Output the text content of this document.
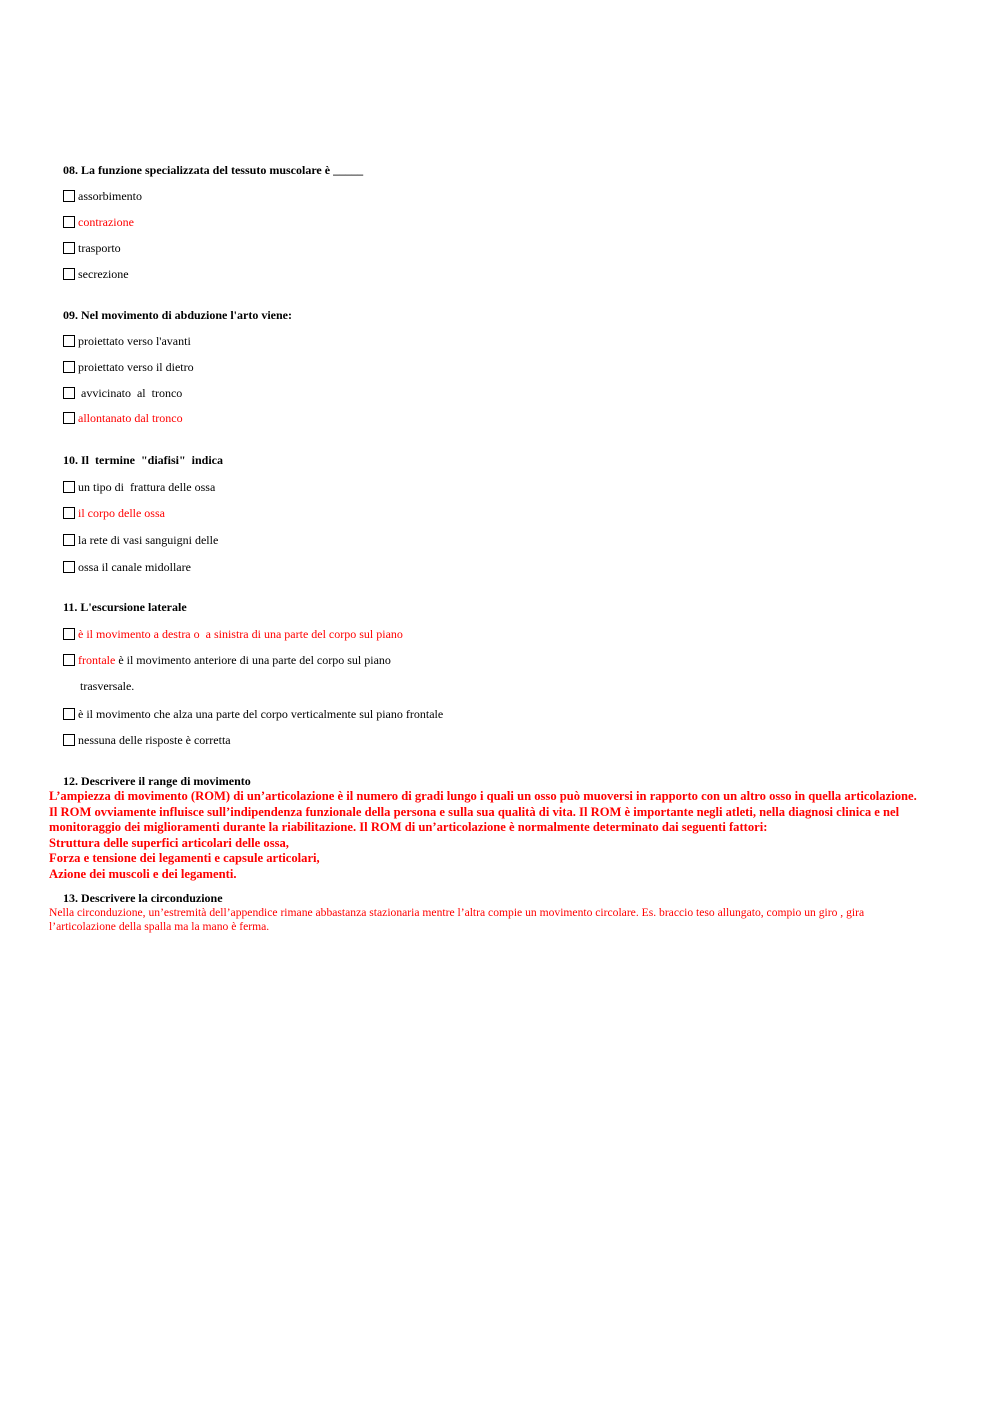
08. La funzione specializzata del tessuto muscolare è _____
assorbimento
contrazione
trasporto
secrezione
09. Nel movimento di abduzione l'arto viene:
proiettato verso l'avanti
proiettato verso il dietro
avvicinato  al  tronco
allontanato dal tronco
10. Il  termine  "diafisi"  indica
un tipo di  frattura delle ossa
il corpo delle ossa
la rete di vasi sanguigni delle
ossa il canale midollare
11. L'escursione laterale
è il movimento a destra o  a sinistra di una parte del corpo sul piano
frontale è il movimento anteriore di una parte del corpo sul piano
trasversale.
è il movimento che alza una parte del corpo verticalmente sul piano frontale
nessuna delle risposte è corretta
12. Descrivere il range di movimento
L’ampiezza di movimento (ROM) di un’articolazione è il numero di gradi lungo i quali un osso può muoversi in rapporto con un altro osso in quella articolazione.
Il ROM ovviamente influisce sull’indipendenza funzionale della persona e sulla sua qualità di vita. Il ROM è importante negli atleti, nella diagnosi clinica e nel
monitoraggio dei miglioramenti durante la riabilitazione. Il ROM di un’articolazione è normalmente determinato dai seguenti fattori:
Struttura delle superfici articolari delle ossa,
Forza e tensione dei legamenti e capsule articolari,
Azione dei muscoli e dei legamenti.
13. Descrivere la circonduzione
Nella circonduzione, un’estremità dell’appendice rimane abbastanza stazionaria mentre l’altra compie un movimento circolare. Es. braccio teso allungato, compio un giro , gira
l’articolazione della spalla ma la mano è ferma.
